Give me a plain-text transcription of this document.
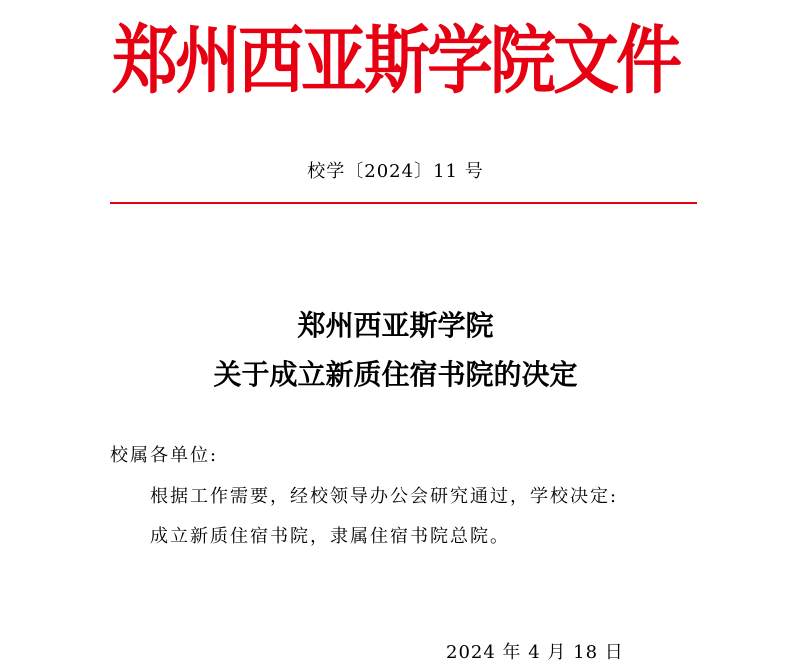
郑州西亚斯学院文件
校学〔2024〕11 号
郑州西亚斯学院
关于成立新质住宿书院的决定
校属各单位:
根据工作需要，经校领导办公会研究通过，学校决定:
成立新质住宿书院，隶属住宿书院总院。
2024 年 4 月 18 日
